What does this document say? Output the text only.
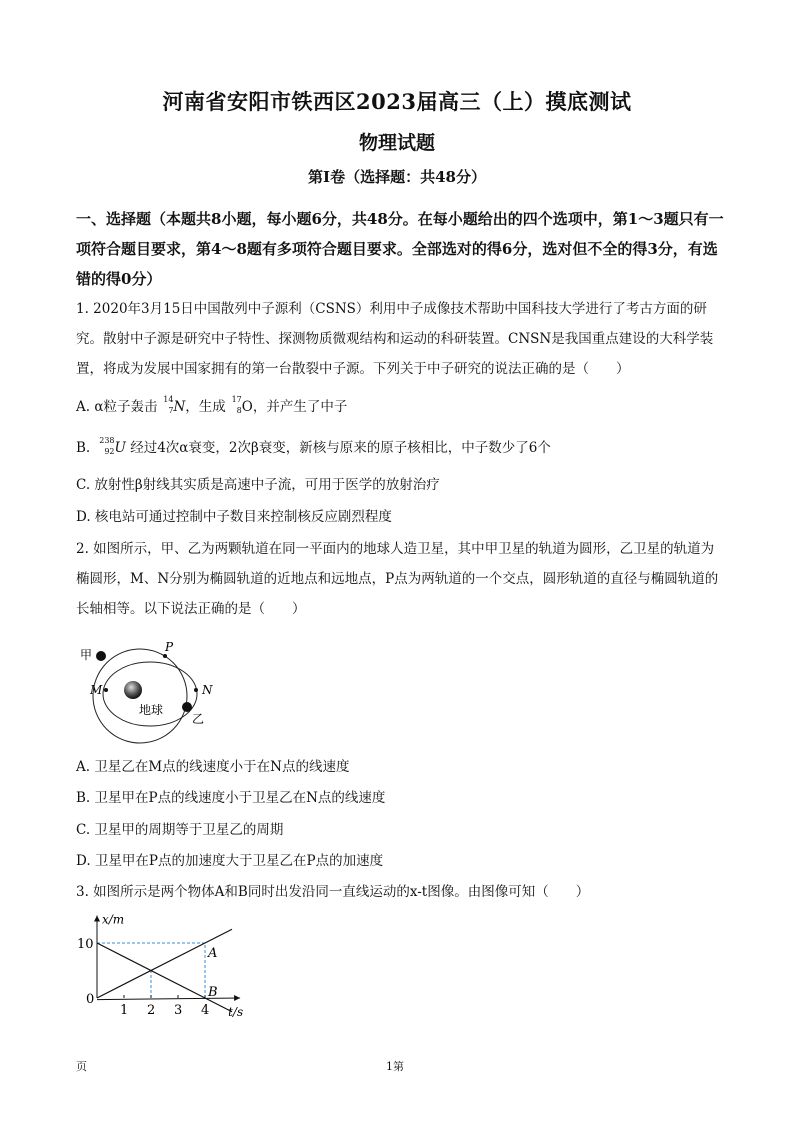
河南省安阳市铁西区2023届高三（上）摸底测试
物理试题
第Ⅰ卷（选择题：共48分）
一、选择题（本题共8小题，每小题6分，共48分。在每小题给出的四个选项中，第1～3题只有一项符合题目要求，第4～8题有多项符合题目要求。全部选对的得6分，选对但不全的得3分，有选错的得0分）
1. 2020年3月15日中国散列中子源利（CSNS）利用中子成像技术帮助中国科技大学进行了考古方面的研究。散射中子源是研究中子特性、探测物质微观结构和运动的科研装置。CNSN是我国重点建设的大科学装置，将成为发展中国家拥有的第一台散裂中子源。下列关于中子研究的说法正确的是（　　）
A. α粒子轰击 14
7 N，生成 17
8 O，并产生了中子
B. 238
92 U 经过4次α衰变，2次β衰变，新核与原来的原子核相比，中子数少了6个
C. 放射性β射线其实质是高速中子流，可用于医学的放射治疗
D. 核电站可通过控制中子数目来控制核反应剧烈程度
2. 如图所示，甲、乙为两颗轨道在同一平面内的地球人造卫星，其中甲卫星的轨道为圆形，乙卫星的轨道为椭圆形，M、N分别为椭圆轨道的近地点和远地点，P点为两轨道的一个交点，圆形轨道的直径与椭圆轨道的长轴相等。以下说法正确的是（　　）
甲
P
M	N
地球
乙
A. 卫星乙在M点的线速度小于在N点的线速度
B. 卫星甲在P点的线速度小于卫星乙在N点的线速度
C. 卫星甲的周期等于卫星乙的周期
D. 卫星甲在P点的加速度大于卫星乙在P点的加速度
3. 如图所示是两个物体A和B同时出发沿同一直线运动的x-t图像。由图像可知（　　）
A
B
1 2 3 4
0
10
t/s
x/m
页	1第
